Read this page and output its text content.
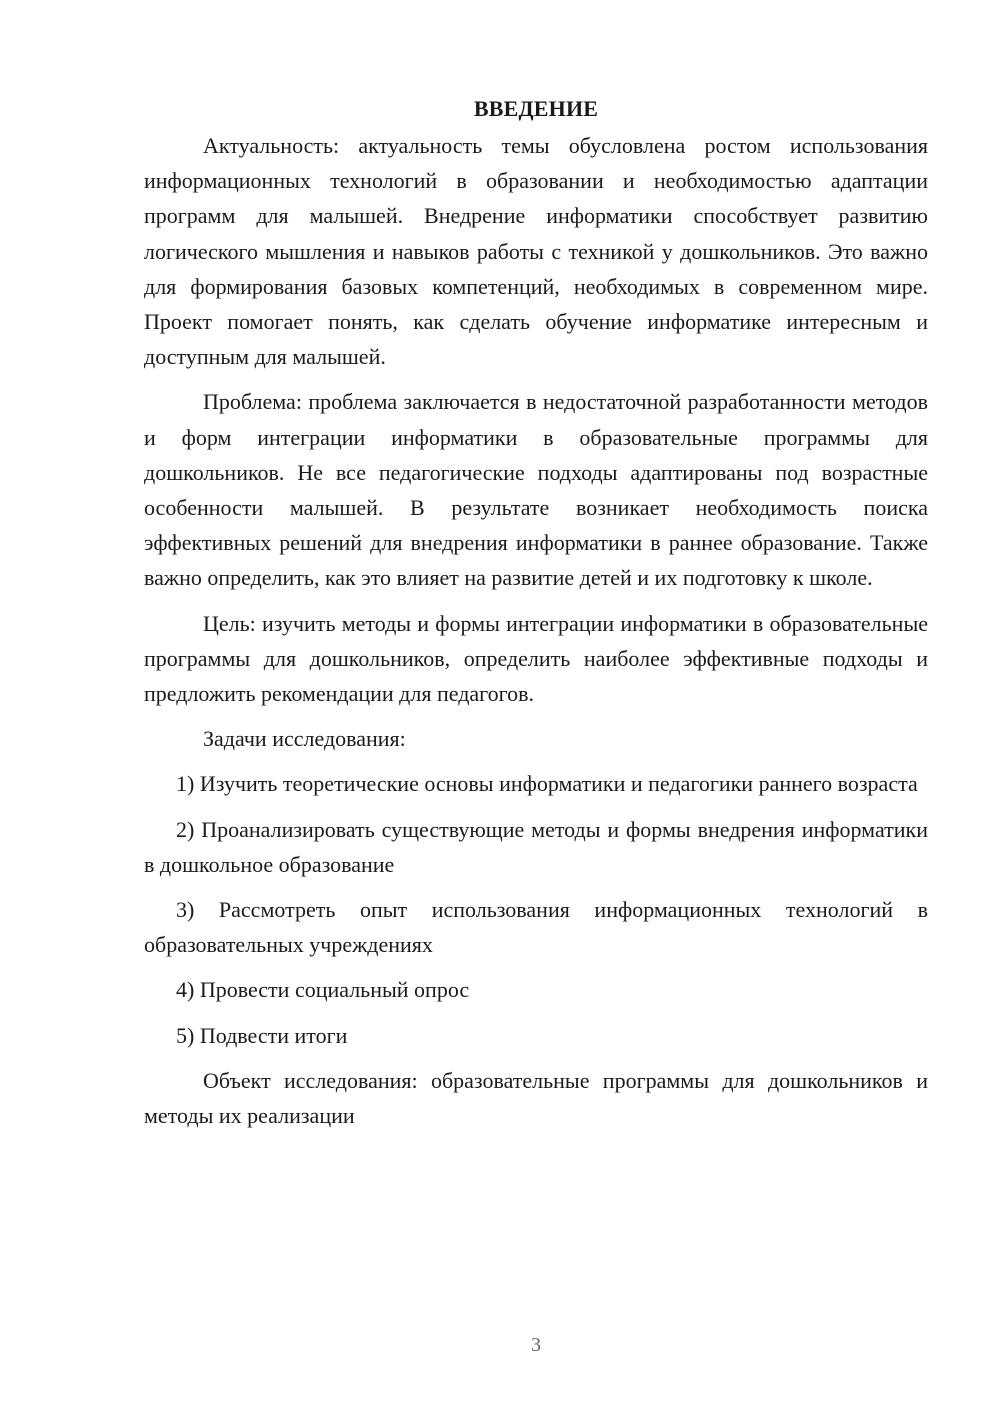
ВВЕДЕНИЕ

Актуальность: актуальность темы обусловлена ростом использования информационных технологий в образовании и необходимостью адаптации программ для малышей. Внедрение информатики способствует развитию логического мышления и навыков работы с техникой у дошкольников. Это важно для формирования базовых компетенций, необходимых в современном мире. Проект помогает понять, как сделать обучение информатике интересным и доступным для малышей.

Проблема: проблема заключается в недостаточной разработанности методов и форм интеграции информатики в образовательные программы для дошкольников. Не все педагогические подходы адаптированы под возрастные особенности малышей. В результате возникает необходимость поиска эффективных решений для внедрения информатики в раннее образование. Также важно определить, как это влияет на развитие детей и их подготовку к школе.

Цель: изучить методы и формы интеграции информатики в образовательные программы для дошкольников, определить наиболее эффективные подходы и предложить рекомендации для педагогов.

Задачи исследования:

1) Изучить теоретические основы информатики и педагогики раннего возраста

2) Проанализировать существующие методы и формы внедрения информатики в дошкольное образование

3) Рассмотреть опыт использования информационных технологий в образовательных учреждениях

4) Провести социальный опрос

5) Подвести итоги

Объект исследования: образовательные программы для дошкольников и методы их реализации

3
